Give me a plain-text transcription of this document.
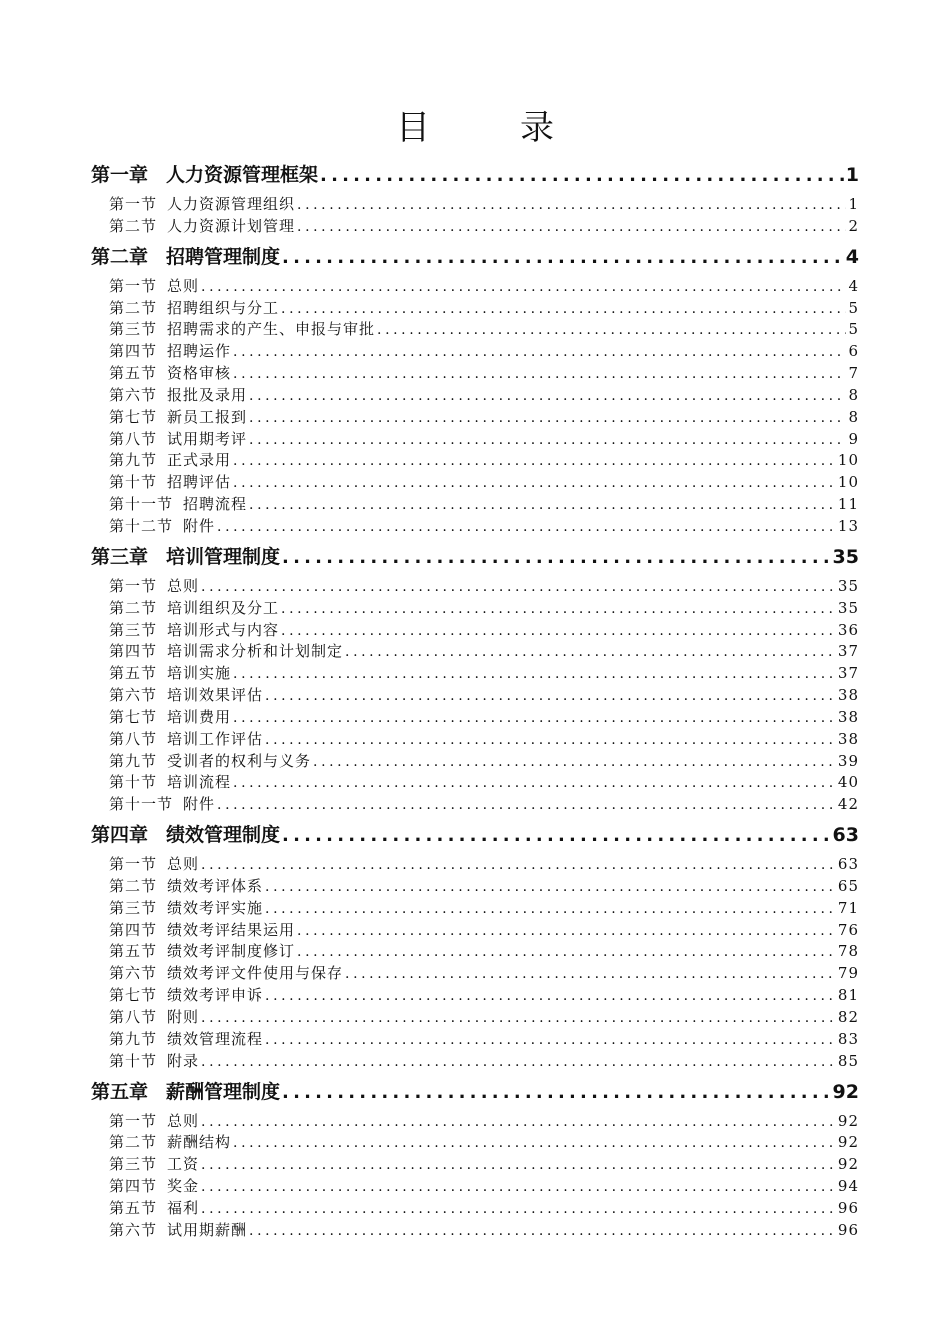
目　录
第一章 人力资源管理框架 .....	1
第一节 人力资源管理组织 .....	1
第二节 人力资源计划管理 .....	2
第二章 招聘管理制度 .....	4
第一节 总则 .....	4
第二节 招聘组织与分工 .....	5
第三节 招聘需求的产生、申报与审批 .....	5
第四节 招聘运作 .....	6
第五节 资格审核 .....	7
第六节 报批及录用 .....	8
第七节 新员工报到 .....	8
第八节 试用期考评 .....	9
第九节 正式录用 .....	10
第十节 招聘评估 .....	10
第十一节 招聘流程 .....	11
第十二节 附件 .....	13
第三章 培训管理制度 .....	35
第一节 总则 .....	35
第二节 培训组织及分工 .....	35
第三节 培训形式与内容 .....	36
第四节 培训需求分析和计划制定 .....	37
第五节 培训实施 .....	37
第六节 培训效果评估 .....	38
第七节 培训费用 .....	38
第八节 培训工作评估 .....	38
第九节 受训者的权利与义务 .....	39
第十节 培训流程 .....	40
第十一节 附件 .....	42
第四章 绩效管理制度 .....	63
第一节 总则 .....	63
第二节 绩效考评体系 .....	65
第三节 绩效考评实施 .....	71
第四节 绩效考评结果运用 .....	76
第五节 绩效考评制度修订 .....	78
第六节 绩效考评文件使用与保存 .....	79
第七节 绩效考评申诉 .....	81
第八节 附则 .....	82
第九节 绩效管理流程 .....	83
第十节 附录 .....	85
第五章 薪酬管理制度 .....	92
第一节 总则 .....	92
第二节 薪酬结构 .....	92
第三节 工资 .....	92
第四节 奖金 .....	94
第五节 福利 .....	96
第六节 试用期薪酬 .....	96
